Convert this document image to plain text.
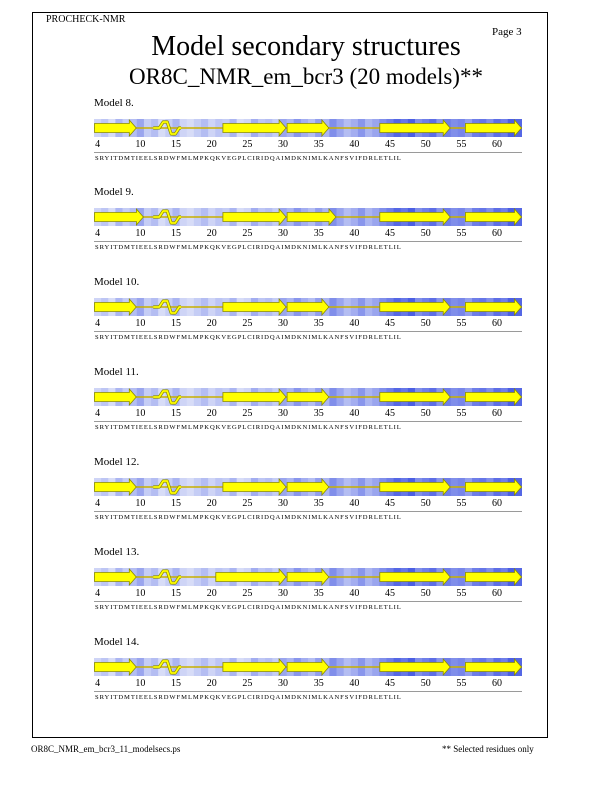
PROCHECK-NMR
Page 3
Model secondary structures
OR8C_NMR_em_bcr3 (20 models)**
Model 8.
4	10	15	20	25	30	35	40	45	50	55	60
SRYITDMTIEELSRDWFMLMPKQKVEGPLCIRIDQAIMDKNIMLKANFSVIFDRLETLIL
Model 9.
4	10	15	20	25	30	35	40	45	50	55	60
SRYITDMTIEELSRDWFMLMPKQKVEGPLCIRIDQAIMDKNIMLKANFSVIFDRLETLIL
Model 10.
4	10	15	20	25	30	35	40	45	50	55	60
SRYITDMTIEELSRDWFMLMPKQKVEGPLCIRIDQAIMDKNIMLKANFSVIFDRLETLIL
Model 11.
4	10	15	20	25	30	35	40	45	50	55	60
SRYITDMTIEELSRDWFMLMPKQKVEGPLCIRIDQAIMDKNIMLKANFSVIFDRLETLIL
Model 12.
4	10	15	20	25	30	35	40	45	50	55	60
SRYITDMTIEELSRDWFMLMPKQKVEGPLCIRIDQAIMDKNIMLKANFSVIFDRLETLIL
Model 13.
4	10	15	20	25	30	35	40	45	50	55	60
SRYITDMTIEELSRDWFMLMPKQKVEGPLCIRIDQAIMDKNIMLKANFSVIFDRLETLIL
Model 14.
4	10	15	20	25	30	35	40	45	50	55	60
SRYITDMTIEELSRDWFMLMPKQKVEGPLCIRIDQAIMDKNIMLKANFSVIFDRLETLIL
OR8C_NMR_em_bcr3_11_modelsecs.ps	** Selected residues only
